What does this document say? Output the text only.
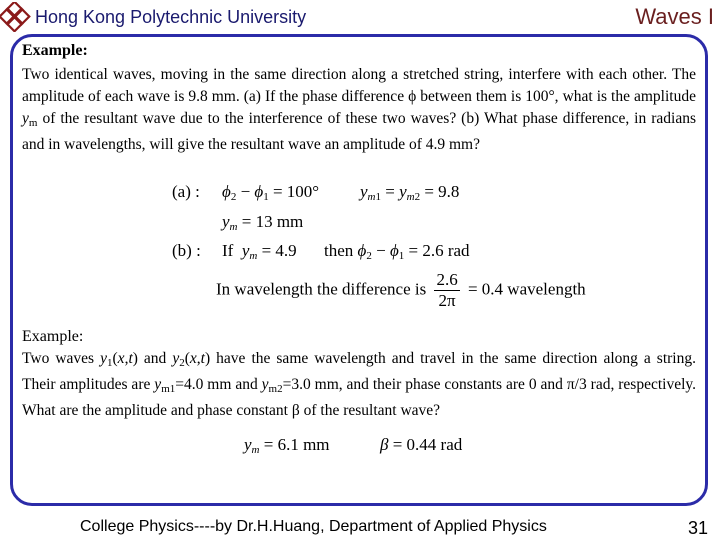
Hong Kong Polytechnic University	Waves I
Example:
Two identical waves, moving in the same direction along a stretched string, interfere with each other. The amplitude of each wave is 9.8 mm. (a) If the phase difference ϕ between them is 100°, what is the amplitude $y_m$ of the resultant wave due to the interference of these two waves? (b) What phase difference, in radians and in wavelengths, will give the resultant wave an amplitude of 4.9 mm?
(a) : $\phi_2 - \phi_1 = 100^\circ$ $y_{m1} = y_{m2} = 9.8$
$y_m = 13$ mm
(b) : If  $y_m = 4.9$ then $\phi_2 - \phi_1 = 2.6$ rad
In wavelength the difference is $\frac{2.6}{2\pi} = 0.4$ wavelength
Example:
Two waves $y_1(x,t)$ and $y_2(x,t)$ have the same wavelength and travel in the same direction along a string. Their amplitudes are $y_{m1}=4.0$ mm and $y_{m2}=3.0$ mm, and their phase constants are 0 and π/3 rad, respectively. What are the amplitude and phase constant β of the resultant wave?
$y_m = 6.1$ mm	β = 0.44 rad
College Physics----by Dr.H.Huang, Department of Applied Physics	31
